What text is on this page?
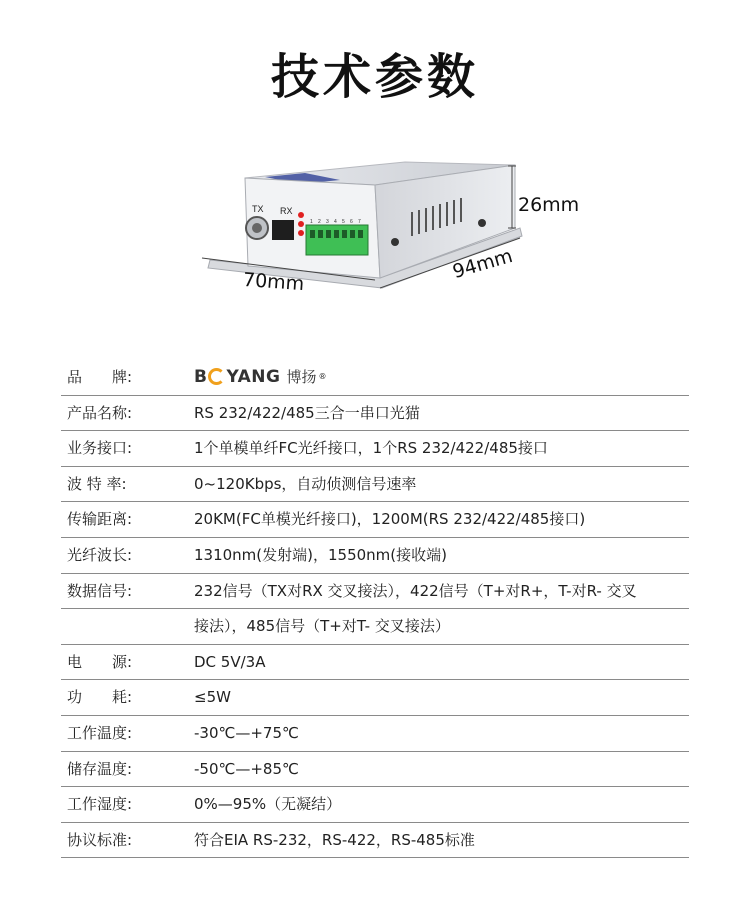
技术参数
TX RX
1 2 3 4 5 6 7
26mm
70mm	94mm
品　　牌:	B YANG 博扬 ®
产品名称:	RS 232/422/485三合一串口光猫
业务接口:	1个单模单纤FC光纤接口，1个RS 232/422/485接口
波 特 率:	0~120Kbps，自动侦测信号速率
传输距离:	20KM(FC单模光纤接口)，1200M(RS 232/422/485接口)
光纤波长:	1310nm(发射端)，1550nm(接收端)
数据信号:	232信号（TX对RX 交叉接法），422信号（T+对R+，T-对R- 交叉
接法），485信号（T+对T- 交叉接法）
电　　源:	DC 5V/3A
功　　耗:	≤5W
工作温度:	-30℃—+75℃
储存温度:	-50℃—+85℃
工作湿度:	0%—95%（无凝结）
协议标准:	符合EIA RS-232，RS-422，RS-485标准
